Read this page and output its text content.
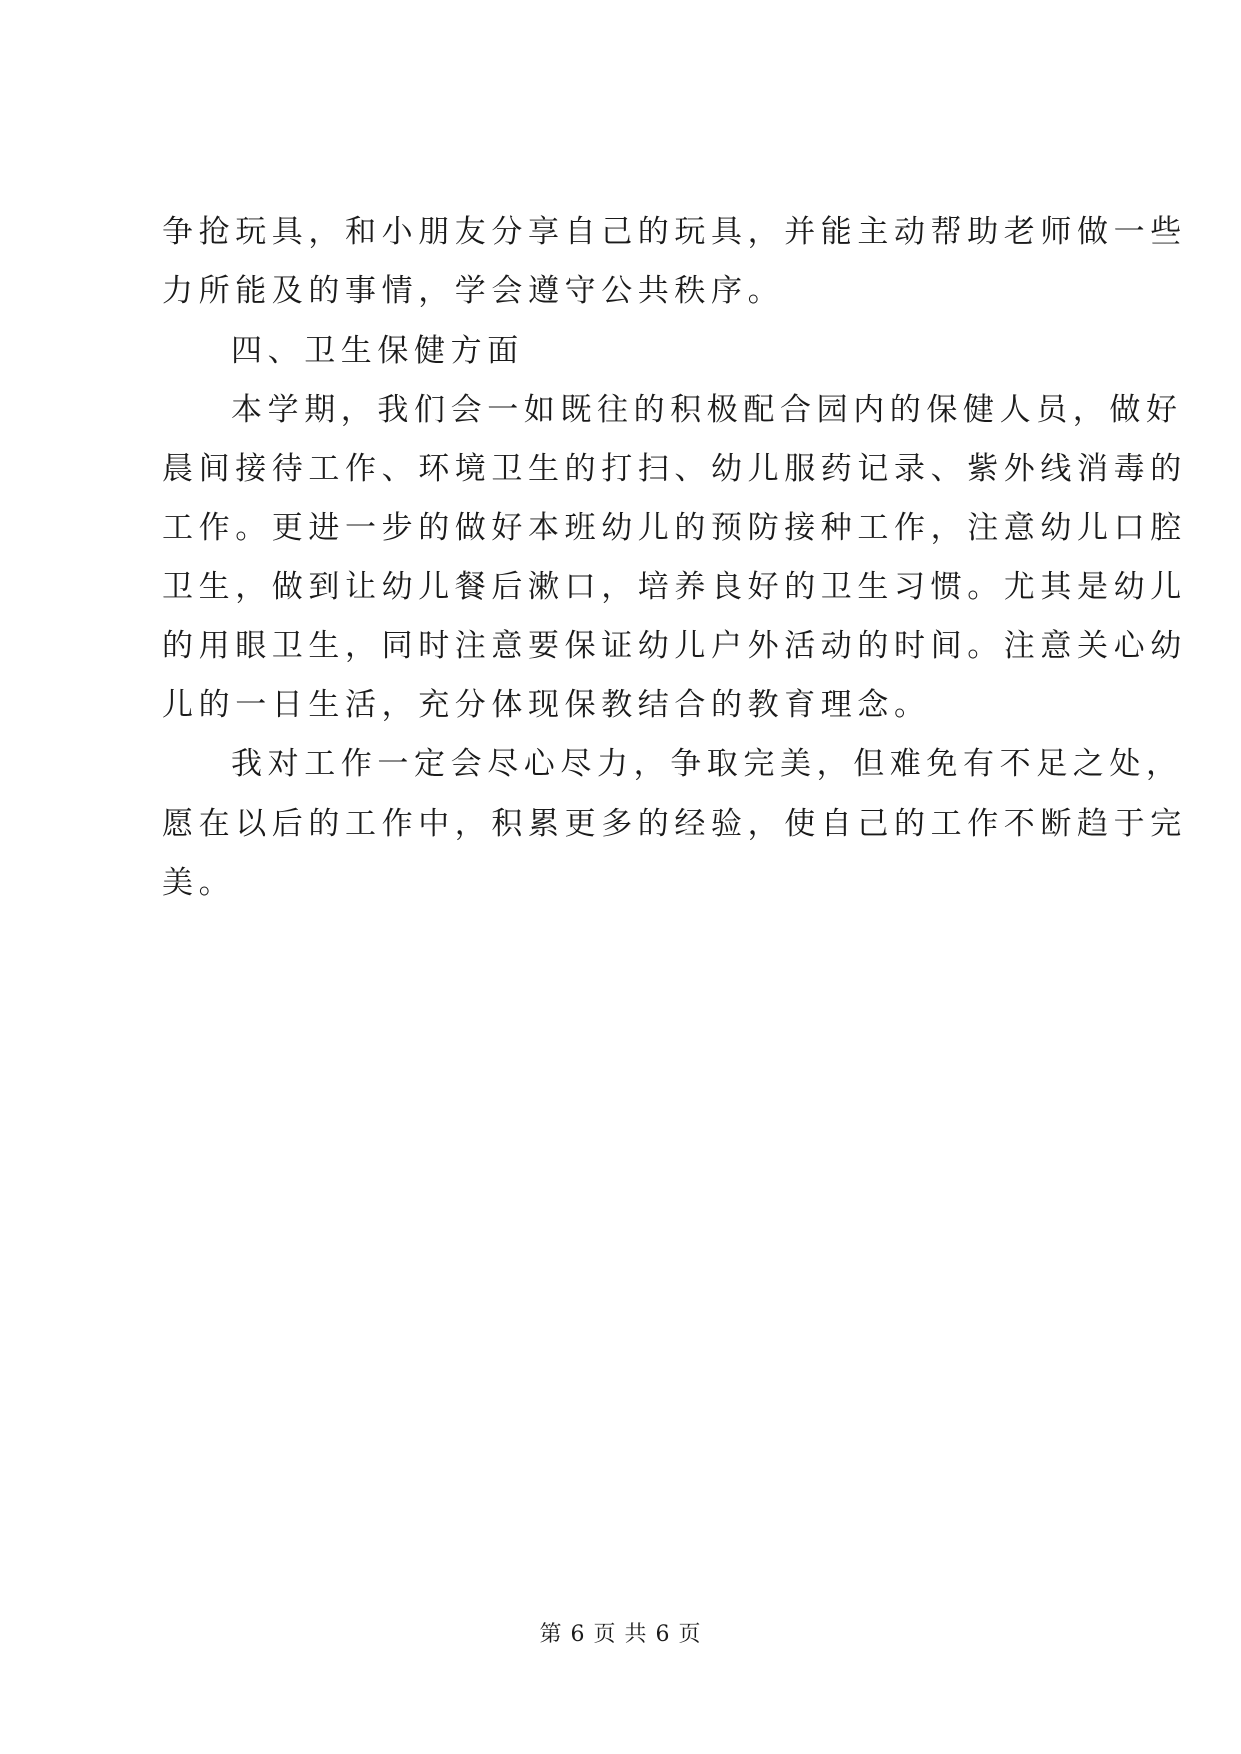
争抢玩具，和小朋友分享自己的玩具，并能主动帮助老师做一些
力所能及的事情，学会遵守公共秩序。
四、卫生保健方面
本学期，我们会一如既往的积极配合园内的保健人员，做好
晨间接待工作、环境卫生的打扫、幼儿服药记录、紫外线消毒的
工作。更进一步的做好本班幼儿的预防接种工作，注意幼儿口腔
卫生，做到让幼儿餐后漱口，培养良好的卫生习惯。尤其是幼儿
的用眼卫生，同时注意要保证幼儿户外活动的时间。注意关心幼
儿的一日生活，充分体现保教结合的教育理念。
我对工作一定会尽心尽力，争取完美，但难免有不足之处，
愿在以后的工作中，积累更多的经验，使自己的工作不断趋于完
美。
第 6 页 共 6 页
